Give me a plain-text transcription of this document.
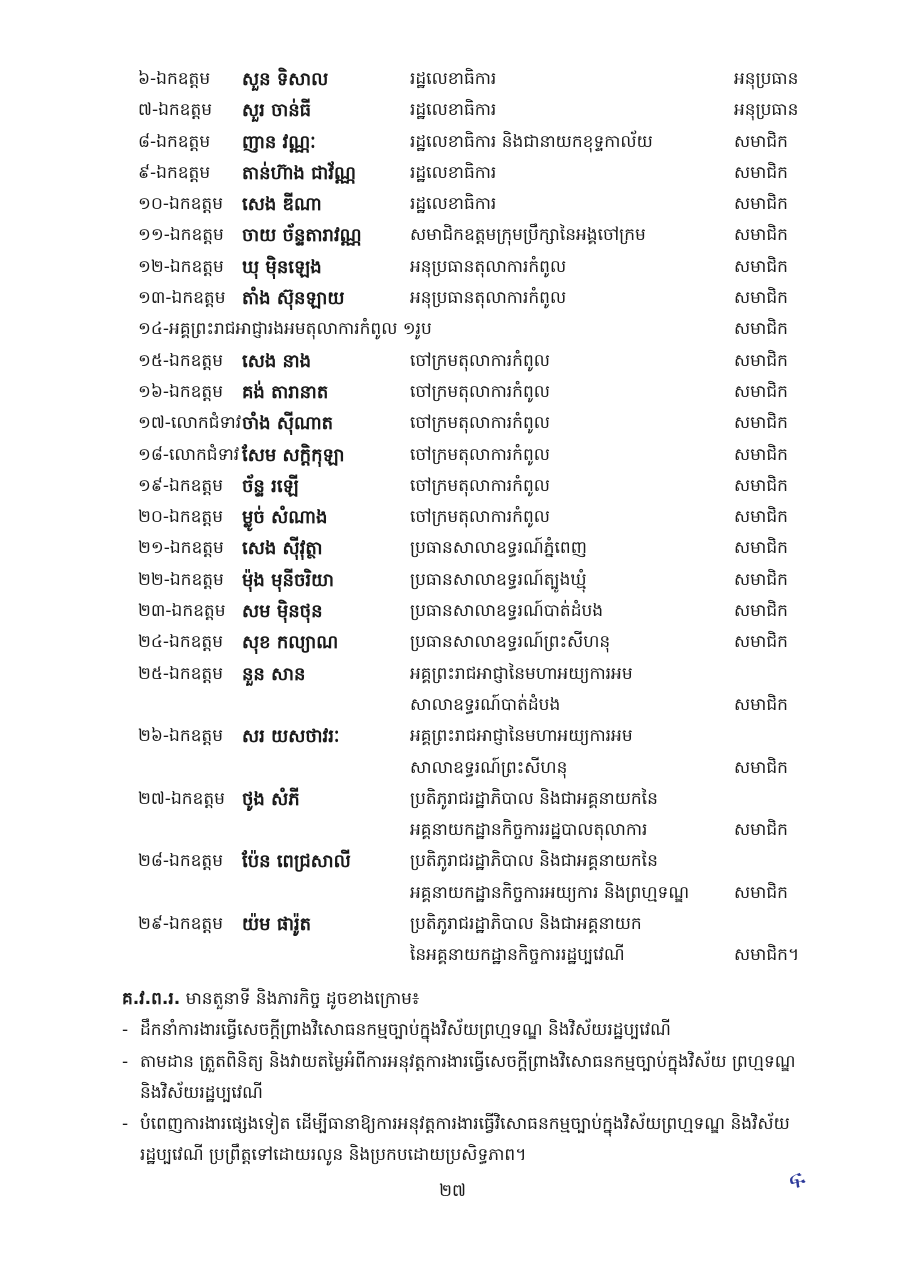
៦-ឯកឧត្តម សួន ទិសាល	រដ្ឋលេខាធិការ	អនុប្រធាន
៧-ឯកឧត្តម សួរ ចាន់ធី	រដ្ឋលេខាធិការ	អនុប្រធាន
៨-ឯកឧត្តម ញាន វណ្ណៈ	រដ្ឋលេខាធិការ និងជានាយកខុទ្ទកាល័យ	សមាជិក
៩-ឯកឧត្តម តាន់ហ៊ាង ជាវ័ណ្ណ	រដ្ឋលេខាធិការ	សមាជិក
១០-ឯកឧត្តម សេង ឌីណា	រដ្ឋលេខាធិការ	សមាជិក
១១-ឯកឧត្តម ចាយ ច័ន្ទតារាវណ្ណ	សមាជិកឧត្តមក្រុមប្រឹក្សានៃអង្គចៅក្រម	សមាជិក
១២-ឯកឧត្តម ឃុ ម៉ិនឡេង	អនុប្រធានតុលាការកំពូល	សមាជិក
១៣-ឯកឧត្តម តាំង ស៊ុនឡាយ	អនុប្រធានតុលាការកំពូល	សមាជិក
១៤-អគ្គព្រះរាជអាជ្ញារងអមតុលាការកំពូល ១រូប	សមាជិក
១៥-ឯកឧត្តម សេង នាង	ចៅក្រមតុលាការកំពូល	សមាជិក
១៦-ឯកឧត្តម គង់ តារានាត	ចៅក្រមតុលាការកំពូល	សមាជិក
១៧-លោកជំទាវ ចាំង ស៊ីណាត	ចៅក្រមតុលាការកំពូល	សមាជិក
១៨-លោកជំទាវ សែម សក្តិកុឡា	ចៅក្រមតុលាការកំពូល	សមាជិក
១៩-ឯកឧត្តម ច័ន្ទ រឡើ	ចៅក្រមតុលាការកំពូល	សមាជិក
២០-ឯកឧត្តម ម្លូច់ សំណាង	ចៅក្រមតុលាការកំពូល	សមាជិក
២១-ឯកឧត្តម សេង ស៊ីវុត្ថា	ប្រធានសាលាឧទ្ធរណ៍ភ្នំពេញ	សមាជិក
២២-ឯកឧត្តម ម៉ុង មុនីចរិយា	ប្រធានសាលាឧទ្ធរណ៍ត្បូងឃ្មុំ	សមាជិក
២៣-ឯកឧត្តម សម ម៉ិនថុន	ប្រធានសាលាឧទ្ធរណ៍បាត់ដំបង	សមាជិក
២៤-ឯកឧត្តម សុខ កល្យាណ	ប្រធានសាលាឧទ្ធរណ៍ព្រះសីហនុ	សមាជិក
២៥-ឯកឧត្តម នួន សាន	អគ្គព្រះរាជអាជ្ញានៃមហាអយ្យការអម
សាលាឧទ្ធរណ៍បាត់ដំបង	សមាជិក
២៦-ឯកឧត្តម សរ យសថាវរៈ	អគ្គព្រះរាជអាជ្ញានៃមហាអយ្យការអម
សាលាឧទ្ធរណ៍ព្រះសីហនុ	សមាជិក
២៧-ឯកឧត្តម ថូង សំភី	ប្រតិភូរាជរដ្ឋាភិបាល និងជាអគ្គនាយកនៃ
អគ្គនាយកដ្ឋានកិច្ចការរដ្ឋបាលតុលាការ	សមាជិក
២៨-ឯកឧត្តម ប៉ែន ពេជ្រសាលី	ប្រតិភូរាជរដ្ឋាភិបាល និងជាអគ្គនាយកនៃ
អគ្គនាយកដ្ឋានកិច្ចការអយ្យការ និងព្រហ្មទណ្ឌ	សមាជិក
២៩-ឯកឧត្តម យ៉ម ផារ៉ូត	ប្រតិភូរាជរដ្ឋាភិបាល និងជាអគ្គនាយក
នៃអគ្គនាយកដ្ឋានកិច្ចការរដ្ឋប្បវេណី	សមាជិក។
គ.វ.ព.រ. មានតួនាទី និងភារកិច្ច ដូចខាងក្រោម៖
- ដឹកនាំការងារធ្វើសេចក្តីព្រាងវិសោធនកម្មច្បាប់ក្នុងវិស័យព្រហ្មទណ្ឌ និងវិស័យរដ្ឋប្បវេណី
- តាមដាន ត្រួតពិនិត្យ និងវាយតម្លៃអំពីការអនុវត្តការងារធ្វើសេចក្តីព្រាងវិសោធនកម្មច្បាប់ក្នុងវិស័យ ព្រហ្មទណ្ឌ និងវិស័យរដ្ឋប្បវេណី
- បំពេញការងារផ្សេងទៀត ដើម្បីធានាឱ្យការអនុវត្តការងារធ្វើវិសោធនកម្មច្បាប់ក្នុងវិស័យព្រហ្មទណ្ឌ និងវិស័យរដ្ឋប្បវេណី ប្រព្រឹត្តទៅដោយរលូន និងប្រកបដោយប្រសិទ្ធភាព។
២៧	ፍ
